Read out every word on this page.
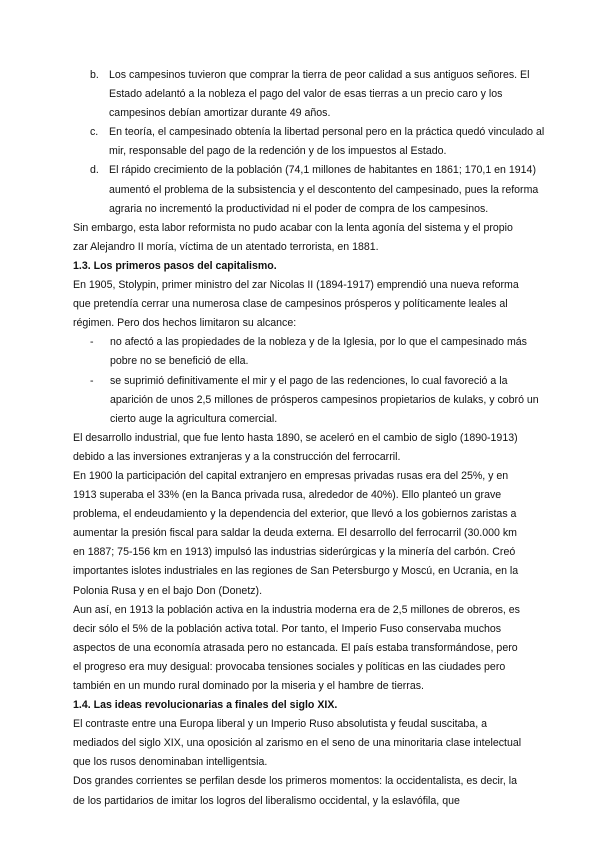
b. Los campesinos tuvieron que comprar la tierra de peor calidad a sus antiguos señores. El Estado adelantó a la nobleza el pago del valor de esas tierras a un precio caro y los campesinos debían amortizar durante 49 años.
c. En teoría, el campesinado obtenía la libertad personal pero en la práctica quedó vinculado al mir, responsable del pago de la redención y de los impuestos al Estado.
d. El rápido crecimiento de la población (74,1 millones de habitantes en 1861; 170,1 en 1914) aumentó el problema de la subsistencia y el descontento del campesinado, pues la reforma agraria no incrementó la productividad ni el poder de compra de los campesinos.
Sin embargo, esta labor reformista no pudo acabar con la lenta agonía del sistema y el propio zar Alejandro II moría, víctima de un atentado terrorista, en 1881.
1.3. Los primeros pasos del capitalismo.
En 1905, Stolypin, primer ministro del zar Nicolas II (1894-1917) emprendió una nueva reforma que pretendía cerrar una numerosa clase de campesinos prósperos y políticamente leales al régimen. Pero dos hechos limitaron su alcance:
- no afectó a las propiedades de la nobleza y de la Iglesia, por lo que el campesinado más pobre no se benefició de ella.
- se suprimió definitivamente el mir y el pago de las redenciones, lo cual favoreció a la aparición de unos 2,5 millones de prósperos campesinos propietarios de kulaks, y cobró un cierto auge la agricultura comercial.
El desarrollo industrial, que fue lento hasta 1890, se aceleró en el cambio de siglo (1890-1913) debido a las inversiones extranjeras y a la construcción del ferrocarril.
En 1900 la participación del capital extranjero en empresas privadas rusas era del 25%, y en 1913 superaba el 33% (en la Banca privada rusa, alrededor de 40%). Ello planteó un grave problema, el endeudamiento y la dependencia del exterior, que llevó a los gobiernos zaristas a aumentar la presión fiscal para saldar la deuda externa. El desarrollo del ferrocarril (30.000 km en 1887; 75-156 km en 1913) impulsó las industrias siderúrgicas y la minería del carbón. Creó importantes islotes industriales en las regiones de San Petersburgo y Moscú, en Ucrania, en la Polonia Rusa y en el bajo Don (Donetz).
Aun así, en 1913 la población activa en la industria moderna era de 2,5 millones de obreros, es decir sólo el 5% de la población activa total. Por tanto, el Imperio Fuso conservaba muchos aspectos de una economía atrasada pero no estancada. El país estaba transformándose, pero el progreso era muy desigual: provocaba tensiones sociales y políticas en las ciudades pero también en un mundo rural dominado por la miseria y el hambre de tierras.
1.4. Las ideas revolucionarias a finales del siglo XIX.
El contraste entre una Europa liberal y un Imperio Ruso absolutista y feudal suscitaba, a mediados del siglo XIX, una oposición al zarismo en el seno de una minoritaria clase intelectual que los rusos denominaban intelligentsia.
Dos grandes corrientes se perfilan desde los primeros momentos: la occidentalista, es decir, la de los partidarios de imitar los logros del liberalismo occidental, y la eslavófila, que
